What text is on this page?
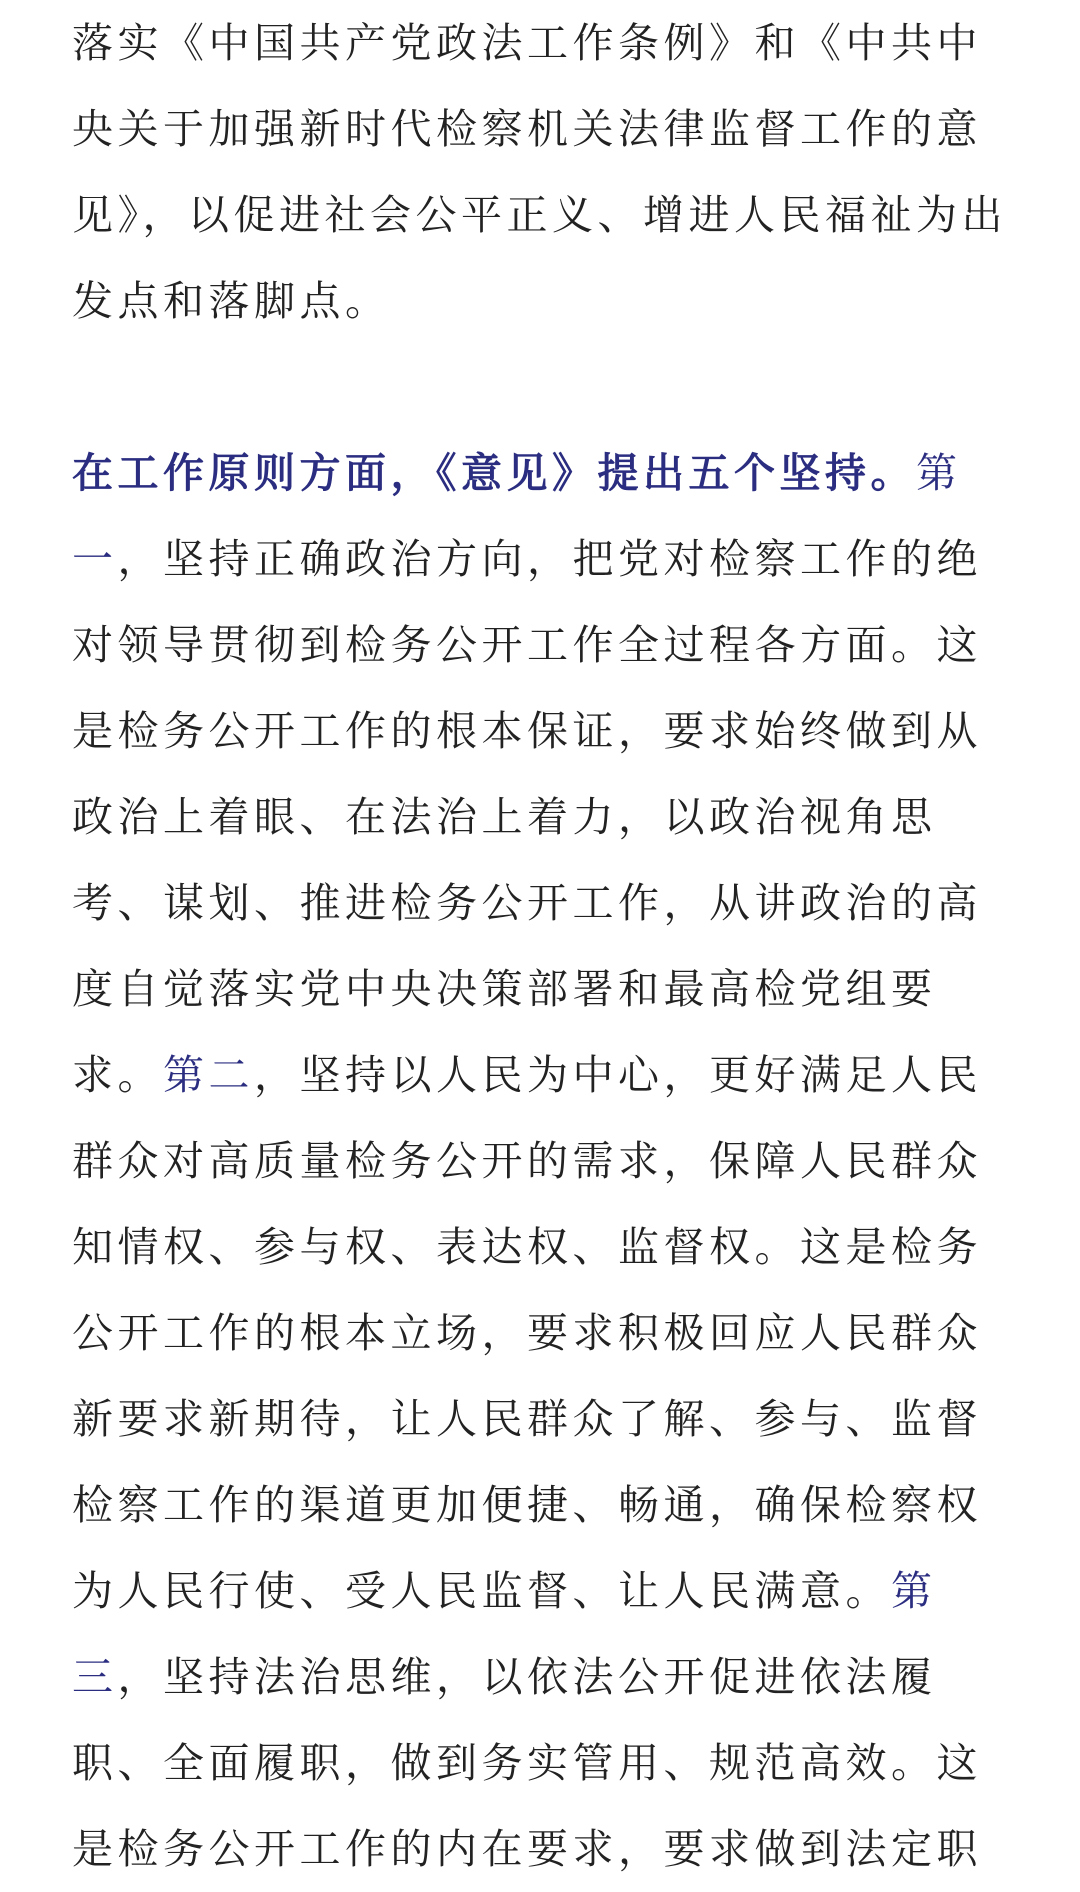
落实《中国共产党政法工作条例》和《中共中央关于加强新时代检察机关法律监督工作的意见》，以促进社会公平正义、增进人民福祉为出发点和落脚点。

在工作原则方面，《意见》提出五个坚持。第一，坚持正确政治方向，把党对检察工作的绝对领导贯彻到检务公开工作全过程各方面。这是检务公开工作的根本保证，要求始终做到从政治上着眼、在法治上着力，以政治视角思考、谋划、推进检务公开工作，从讲政治的高度自觉落实党中央决策部署和最高检党组要求。第二，坚持以人民为中心，更好满足人民群众对高质量检务公开的需求，保障人民群众知情权、参与权、表达权、监督权。这是检务公开工作的根本立场，要求积极回应人民群众新要求新期待，让人民群众了解、参与、监督检察工作的渠道更加便捷、畅通，确保检察权为人民行使、受人民监督、让人民满意。第三，坚持法治思维，以依法公开促进依法履职、全面履职，做到务实管用、规范高效。这是检务公开工作的内在要求，要求做到法定职
